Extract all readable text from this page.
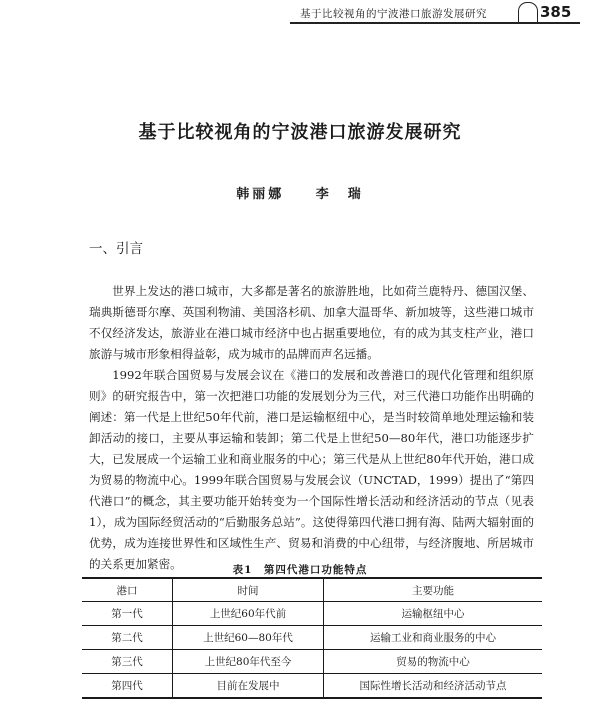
基于比较视角的宁波港口旅游发展研究	385
基于比较视角的宁波港口旅游发展研究
韩丽娜 李　瑞
一、引言

世界上发达的港口城市，大多都是著名的旅游胜地，比如荷兰鹿特丹、德国汉堡、瑞典斯德哥尔摩、英国利物浦、美国洛杉矶、加拿大温哥华、新加坡等，这些港口城市不仅经济发达，旅游业在港口城市经济中也占据重要地位，有的成为其支柱产业，港口旅游与城市形象相得益彰，成为城市的品牌而声名远播。

1992年联合国贸易与发展会议在《港口的发展和改善港口的现代化管理和组织原则》的研究报告中，第一次把港口功能的发展划分为三代，对三代港口功能作出明确的阐述：第一代是上世纪50年代前，港口是运输枢纽中心，是当时较简单地处理运输和装卸活动的接口，主要从事运输和装卸；第二代是上世纪50—80年代，港口功能逐步扩大，已发展成一个运输工业和商业服务的中心；第三代是从上世纪80年代开始，港口成为贸易的物流中心。1999年联合国贸易与发展会议（UNCTAD，1999）提出了“第四代港口”的概念，其主要功能开始转变为一个国际性增长活动和经济活动的节点（见表1），成为国际经贸活动的“后勤服务总站”。这使得第四代港口拥有海、陆两大辐射面的优势，成为连接世界性和区域性生产、贸易和消费的中心纽带，与经济腹地、所居城市的关系更加紧密。	表1　第四代港口功能特点
港口	时间	主要功能
第一代	上世纪60年代前	运输枢纽中心
第二代	上世纪60—80年代	运输工业和商业服务的中心
第三代	上世纪80年代至今	贸易的物流中心
第四代	目前在发展中	国际性增长活动和经济活动节点
